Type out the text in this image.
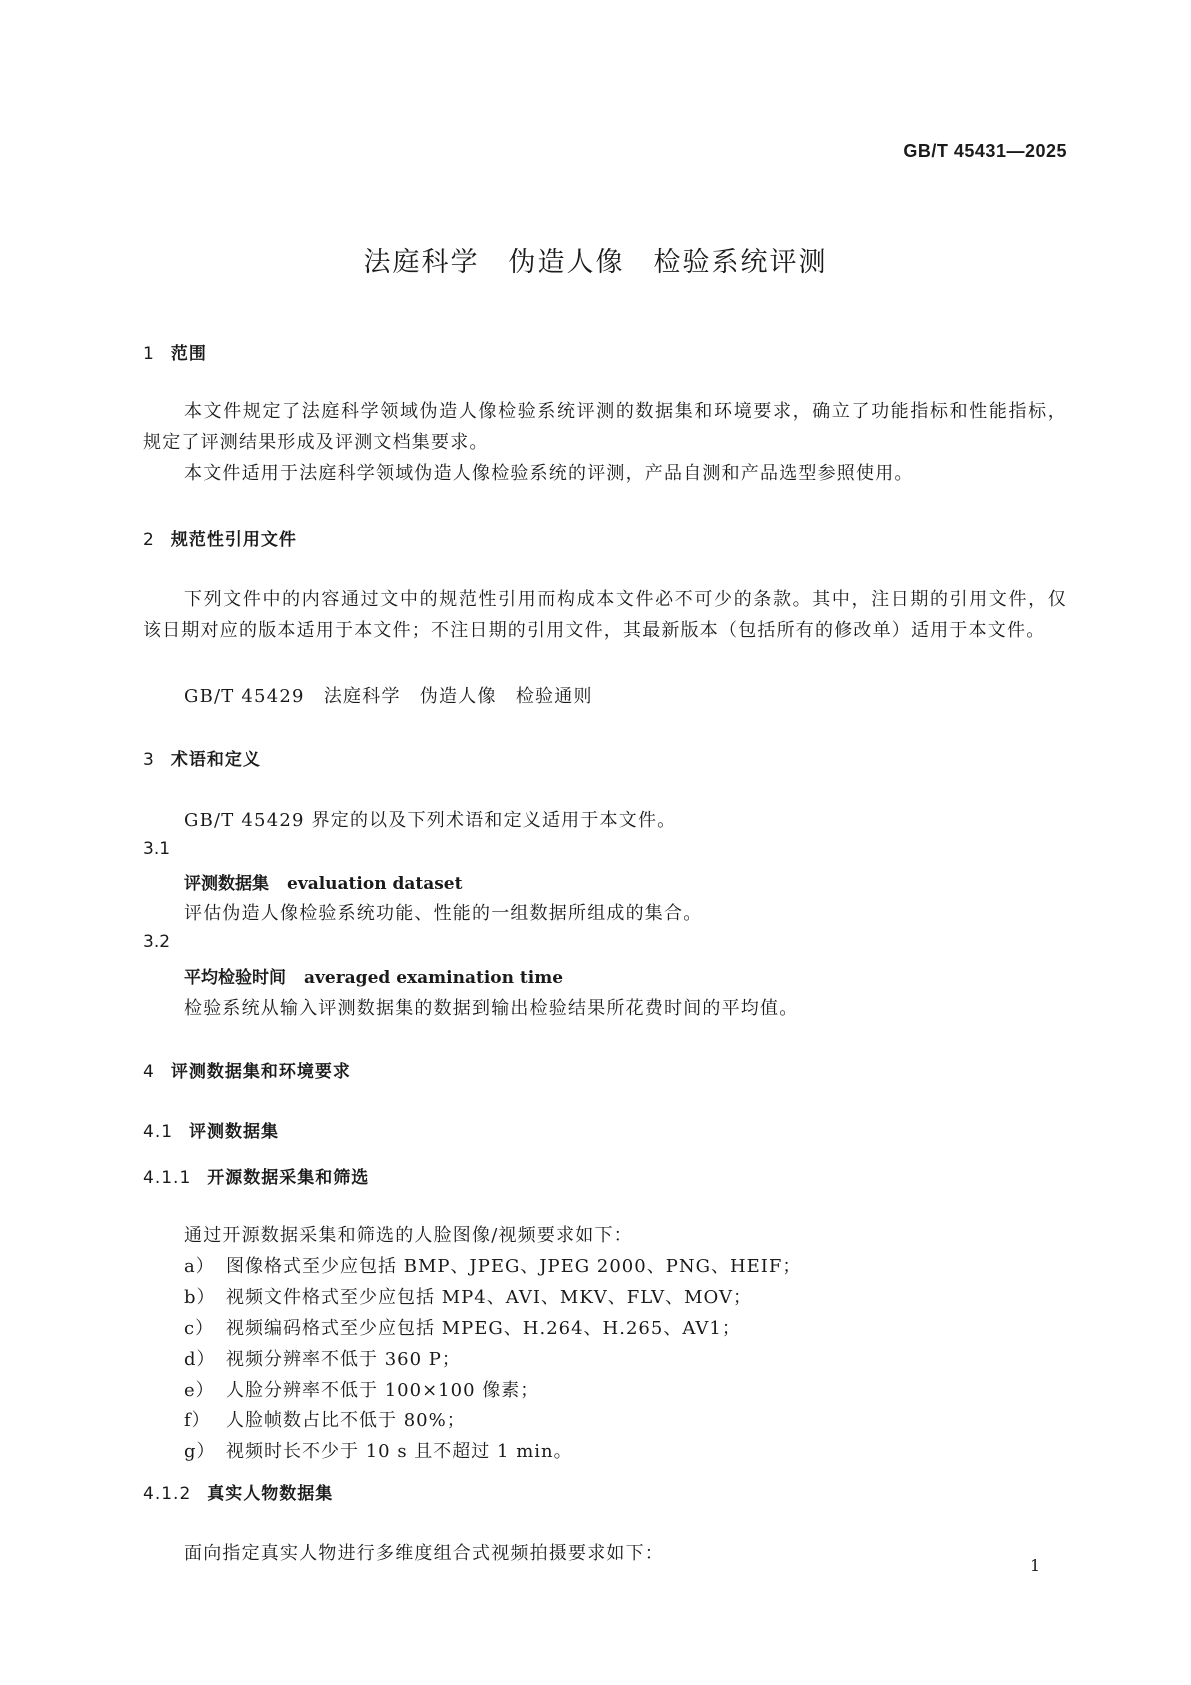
GB/T 45431—2025
法庭科学　伪造人像　检验系统评测
1 范围
本文件规定了法庭科学领域伪造人像检验系统评测的数据集和环境要求，确立了功能指标和性能指标，规定了评测结果形成及评测文档集要求。
本文件适用于法庭科学领域伪造人像检验系统的评测，产品自测和产品选型参照使用。
2 规范性引用文件
下列文件中的内容通过文中的规范性引用而构成本文件必不可少的条款。其中，注日期的引用文件，仅该日期对应的版本适用于本文件；不注日期的引用文件，其最新版本（包括所有的修改单）适用于本文件。
GB/T 45429　法庭科学　伪造人像　检验通则
3 术语和定义
GB/T 45429 界定的以及下列术语和定义适用于本文件。
3.1
评测数据集 evaluation dataset
评估伪造人像检验系统功能、性能的一组数据所组成的集合。
3.2
平均检验时间 averaged examination time
检验系统从输入评测数据集的数据到输出检验结果所花费时间的平均值。
4 评测数据集和环境要求
4.1 评测数据集
4.1.1 开源数据采集和筛选
通过开源数据采集和筛选的人脸图像/视频要求如下：
a） 图像格式至少应包括 BMP、JPEG、JPEG 2000、PNG、HEIF；
b） 视频文件格式至少应包括 MP4、AVI、MKV、FLV、MOV；
c） 视频编码格式至少应包括 MPEG、H.264、H.265、AV1；
d） 视频分辨率不低于 360 P；
e） 人脸分辨率不低于 100×100 像素；
f） 人脸帧数占比不低于 80%；
g） 视频时长不少于 10 s 且不超过 1 min。
4.1.2 真实人物数据集
面向指定真实人物进行多维度组合式视频拍摄要求如下：
1
